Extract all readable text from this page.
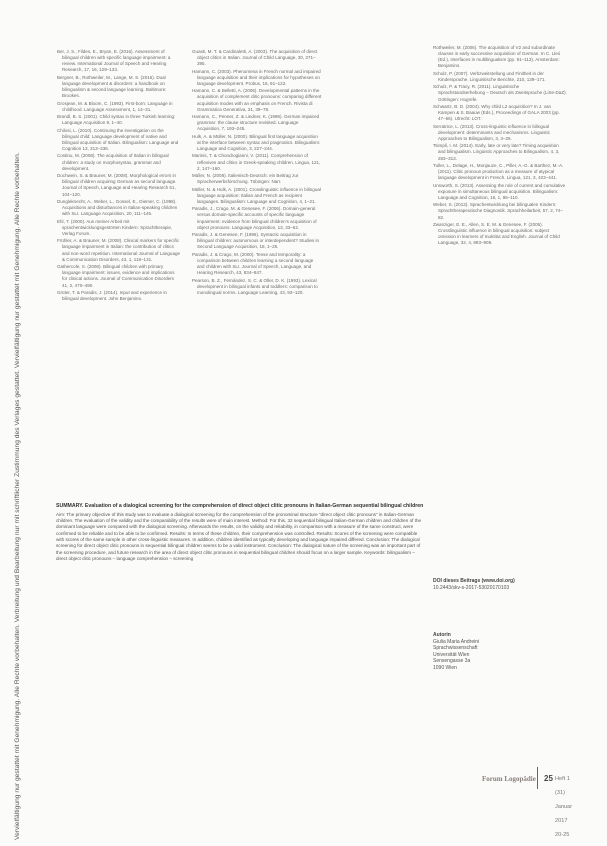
Vervielfältigung nur gestattet mit Genehmigung. Alle Rechte vorbehalten. Verbreitung und Bearbeitung nur mit schriftlicher Zustimmung des Verlages gestattet. Vervielfältigung nur gestattet mit Genehmigung. Alle Rechte vorbehalten.

Ber, J. S., Fildes, E., Bryan, E. (2016). Assessment of bilingual children with specific language impairment: a review. International Journal of Speech and Hearing Research, 17, 16, 129–133.

Bergner, B., Rothweiler, M., Lange, M. S. (2016). Dual language development & disorders: a handbook on bilingualism & second language learning. Baltimore: Brookes.

Grosjean, M. & Bloom, C. (1993). First-born: Language in childhood. Language Assessment, 1, 14–31.

Brandl, B. S. (2001). Child syntax in three Turkish learning: Language Acquisition 9, 1–40.

Chilosi, L. (2010). Continuing the investigation on the bilingual child: Language development of native and bilingual acquisition of Italian. Bilingualism: Language and Cognition 13, 313–336.

Costinu, M. (2008). The acquisition of Italian in bilingual children: a study on morphosyntax, grammar and development.

Dochwein, S. & Brauner, M. (2008). Morphological errors in bilingual children acquiring German as second language. Journal of Speech, Language and Hearing Research 51, 104–120.

Dungleknecht, A., Weber, L., Gossel, E., Diemer, C. (1998). Acquisitions and disturbances in Italian-speaking children with SLI. Language Acquisition, 20, 111–145.

Ehl, T. (2000). Aus meiner Arbeit mit sprachentwicklungsgestörten Kindern: Sprachtherapie, Verlag Forum.

Frühler, A. & Brauner, M. (2008). Clinical markers for specific language impairment in Italian: the contribution of clitics and non-word repetition. International Journal of Language & Communication Disorders, 43, 1, 118–131.

Gathercole, S. (2008). Bilingual children with primary language impairment: issues, evidence and implications for clinical actions. Journal of Communication Disorders 41, 2, 470–490.

Grüter, T. & Paradis, J. (2014). Input and experience in bilingual development. John Benjamins.

Guasti, M. T. & Cardinaletti, A. (2003). The acquisition of direct object clitics in Italian. Journal of Child Language, 30, 371–395.

Hamann, C. (2003). Phenomena in French normal and impaired language acquisition and their implications for hypotheses on language development. Probus, 15, 91–122.

Hamann, C. & Belletti, A. (2006). Developmental patterns in the acquisition of complement clitic pronouns: comparing different acquisition modes with an emphasis on French. Rivista di Grammatica Generativa, 31, 39–78.

Hamann, C., Penner, Z. & Lindner, K. (1998). German impaired grammar: the clause structure revisited. Language Acquisition, 7, 193–245.

Hulk, A. & Müller, N. (2000). Bilingual first language acquisition at the interface between syntax and pragmatics. Bilingualism: Language and Cognition, 3, 227–244.

Marinis, T. & Chondrogianni, V. (2011). Comprehension of reflexives and clitics in Greek-speaking children. Lingua, 121, 2, 147–160.

Müller, N. (2008). Italienisch-Deutsch: ein Beitrag zur Spracherwerbsforschung. Tübingen: Narr.

Müller, N. & Hulk, A. (2001). Crosslinguistic influence in bilingual language acquisition: Italian and French as recipient languages. Bilingualism: Language and Cognition, 4, 1–21.

Paradis, J., Crago, M. & Genesee, F. (2006). Domain-general versus domain-specific accounts of specific language impairment: evidence from bilingual children's acquisition of object pronouns. Language Acquisition, 13, 33–62.

Paradis, J. & Genesee, F. (1996). Syntactic acquisition in bilingual children: autonomous or interdependent? Studies in Second Language Acquisition, 18, 1–25.

Paradis, J. & Crago, M. (2000). Tense and temporality: a comparison between children learning a second language and children with SLI. Journal of Speech, Language, and Hearing Research, 43, 834–847.

Pearson, B. Z., Fernández, S. C. & Oller, D. K. (1993). Lexical development in bilingual infants and toddlers: comparison to monolingual norms. Language Learning, 43, 93–120.

Rothweiler, M. (2006). The acquisition of V2 and subordinate clauses in early successive acquisition of German. In C. Lleó (Ed.), Interfaces in multilingualism (pp. 91–113). Amsterdam: Benjamins.

Schulz, P. (2007). Verbzweitstellung und Finitheit in der Kindersprache. Linguistische Berichte, 210, 139–171.

Schulz, P. & Tracy, R. (2011). Linguistische Sprachstandserhebung – Deutsch als Zweitsprache (LiSe-DaZ). Göttingen: Hogrefe.

Schwartz, B. D. (2004). Why child L2 acquisition? In J. van Kampen & S. Baauw (Eds.), Proceedings of GALA 2003 (pp. 47–66). Utrecht: LOT.

Serratrice, L. (2013). Cross-linguistic influence in bilingual development: determinants and mechanisms. Linguistic Approaches to Bilingualism, 3, 3–25.

Tsimpli, I. M. (2014). Early, late or very late? Timing acquisition and bilingualism. Linguistic Approaches to Bilingualism, 4, 3, 283–313.

Tuller, L., Delage, H., Monjauze, C., Piller, A.-G. & Barthez, M.-A. (2011). Clitic pronoun production as a measure of atypical language development in French. Lingua, 121, 3, 423–441.

Unsworth, S. (2013). Assessing the role of current and cumulative exposure in simultaneous bilingual acquisition. Bilingualism: Language and Cognition, 16, 1, 86–110.

Weber, S. (2012). Sprachentwicklung bei bilingualen Kindern: Sprachtherapeutische Diagnostik. Sprachheilarbeit, 57, 2, 74–82.

Zwanziger, E. E., Allen, S. E. M. & Genesee, F. (2005). Crosslinguistic influence in bilingual acquisition: subject omission in learners of Inuktitut and English. Journal of Child Language, 32, 4, 893–909.

SUMMARY. Evaluation of a dialogical screening for the comprehension of direct object clitic pronouns in Italian-German sequential bilingual children

Aim: The primary objective of this study was to evaluate a dialogical screening for the comprehension of the pronominal structure "direct object clitic pronouns" in Italian-German children. The evaluation of the validity and the comparability of the results were of main interest. Method: For this, 32 sequential bilingual Italian-German children and children of the dominant language were compared with the dialogical screening. Afterwards the results, on the validity and reliability, in comparison with a measure of the same construct, were confirmed to be reliable and to be able to be confirmed. Results: In terms of these children, their comprehension was controlled. Results: Scores of the screening were compatible with scores of the same sample in other cross-linguistic measures. In addition, children identified as typically developing and language impaired differed. Conclusion: The dialogical screening for direct object clitic pronouns in sequential bilingual children seems to be a valid instrument. Conclusion: The dialogical nature of the screening was an important part of the screening procedure, and future research in the area of direct object clitic pronouns in sequential bilingual children should focus on a larger sample. Keywords: bilingualism – direct object clitic pronouns – language comprehension – screening

DOI dieses Beitrags (www.doi.org)
10.2443/skv-s-2017-53020170103
Autorin
Giulia Maria Andreini
Sprachwissenschaft
Universität Wien
Sensengasse 3a
1090 Wien
Forum Logopädie	Heft 1 (31) Januar 2017 20-25
25
